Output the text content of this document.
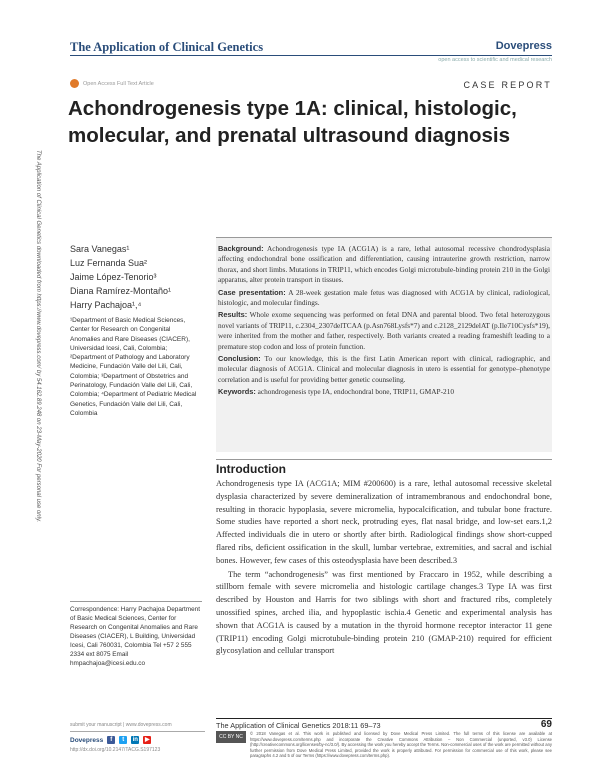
The Application of Clinical Genetics downloaded from https://www.dovepress.com/ by 54.162.89.248 on 23-May-2020 For personal use only.
The Application of Clinical Genetics	Dovepress
open access to scientific and medical research
Open Access Full Text Article	CASE REPORT
Achondrogenesis type 1A: clinical, histologic, molecular, and prenatal ultrasound diagnosis
Sara Vanegas¹
Luz Fernanda Sua²
Jaime López-Tenorio³
Diana Ramírez-Montaño¹
Harry Pachajoa¹,⁴
¹Department of Basic Medical Sciences, Center for Research on Congenital Anomalies and Rare Diseases (CIACER), Universidad Icesi, Cali, Colombia; ²Department of Pathology and Laboratory Medicine, Fundación Valle del Lili, Cali, Colombia; ³Department of Obstetrics and Perinatology, Fundación Valle del Lili, Cali, Colombia; ⁴Department of Pediatric Medical Genetics, Fundación Valle del Lili, Cali, Colombia

Background: Achondrogenesis type IA (ACG1A) is a rare, lethal autosomal recessive chondrodysplasia affecting endochondral bone ossification and differentiation, causing intrauterine growth restriction, narrow thorax, and short limbs. Mutations in TRIP11, which encodes Golgi microtubule-binding protein 210 in the Golgi apparatus, alter protein transport in tissues.

Case presentation: A 28-week gestation male fetus was diagnosed with ACG1A by clinical, radiological, histologic, and molecular findings.

Results: Whole exome sequencing was performed on fetal DNA and parental blood. Two fetal heterozygous novel variants of TRIP11, c.2304_2307delTCAA (p.Asn768Lysfs*7) and c.2128_2129delAT (p.Ile710Cysfs*19), were inherited from the mother and father, respectively. Both variants created a reading frameshift leading to a premature stop codon and loss of protein function.

Conclusion: To our knowledge, this is the first Latin American report with clinical, radiographic, and molecular diagnosis of ACG1A. Clinical and molecular diagnosis in utero is essential for genotype–phenotype correlation and is useful for providing better genetic counseling.

Keywords: achondrogenesis type IA, endochondral bone, TRIP11, GMAP-210

Introduction

Achondrogenesis type IA (ACG1A; MIM #200600) is a rare, lethal autosomal recessive skeletal dysplasia characterized by severe demineralization of intramembranous and endochondral bone, resulting in thoracic hypoplasia, severe micromelia, hypocalcification, and tubular bone fracture. Some studies have reported a short neck, protruding eyes, flat nasal bridge, and low-set ears.1,2 Affected individuals die in utero or shortly after birth. Radiological findings show short-cupped flared ribs, deficient ossification in the skull, lumbar vertebrae, extremities, and sacral and ischial bones. However, few cases of this osteodysplasia have been described.3

The term “achondrogenesis” was first mentioned by Fraccaro in 1952, while describing a stillborn female with severe micromelia and histologic cartilage changes.3 Type IA was first described by Houston and Harris for two siblings with short and fractured ribs, completely unossified spines, arched ilia, and hypoplastic ischia.4 Genetic and experimental analysis has shown that ACG1A is caused by a mutation in the thyroid hormone receptor interactor 11 gene (TRIP11) encoding Golgi microtubule-binding protein 210 (GMAP-210) required for efficient glycosylation and cellular transport

Correspondence: Harry Pachajoa Department of Basic Medical Sciences, Center for Research on Congenital Anomalies and Rare Diseases (CIACER), L Building, Universidad Icesi, Cali 760031, Colombia Tel +57 2 555 2334 ext 8075 Email hmpachajoa@icesi.edu.co
submit your manuscript | www.dovepress.com
Dovepress	f	t	in ▶
http://dx.doi.org/10.2147/TACG.S197123
The Application of Clinical Genetics 2018:11 69–73	69
CC BY NC
© 2018 Vanegas et al. This work is published and licensed by Dove Medical Press Limited. The full terms of this license are available at https://www.dovepress.com/terms.php and incorporate the Creative Commons Attribution – Non Commercial (unported, v3.0) License (http://creativecommons.org/licenses/by-nc/3.0/). By accessing the work you hereby accept the Terms. Non-commercial uses of the work are permitted without any further permission from Dove Medical Press Limited, provided the work is properly attributed. For permission for commercial use of this work, please see paragraphs 4.2 and 5 of our Terms (https://www.dovepress.com/terms.php).
